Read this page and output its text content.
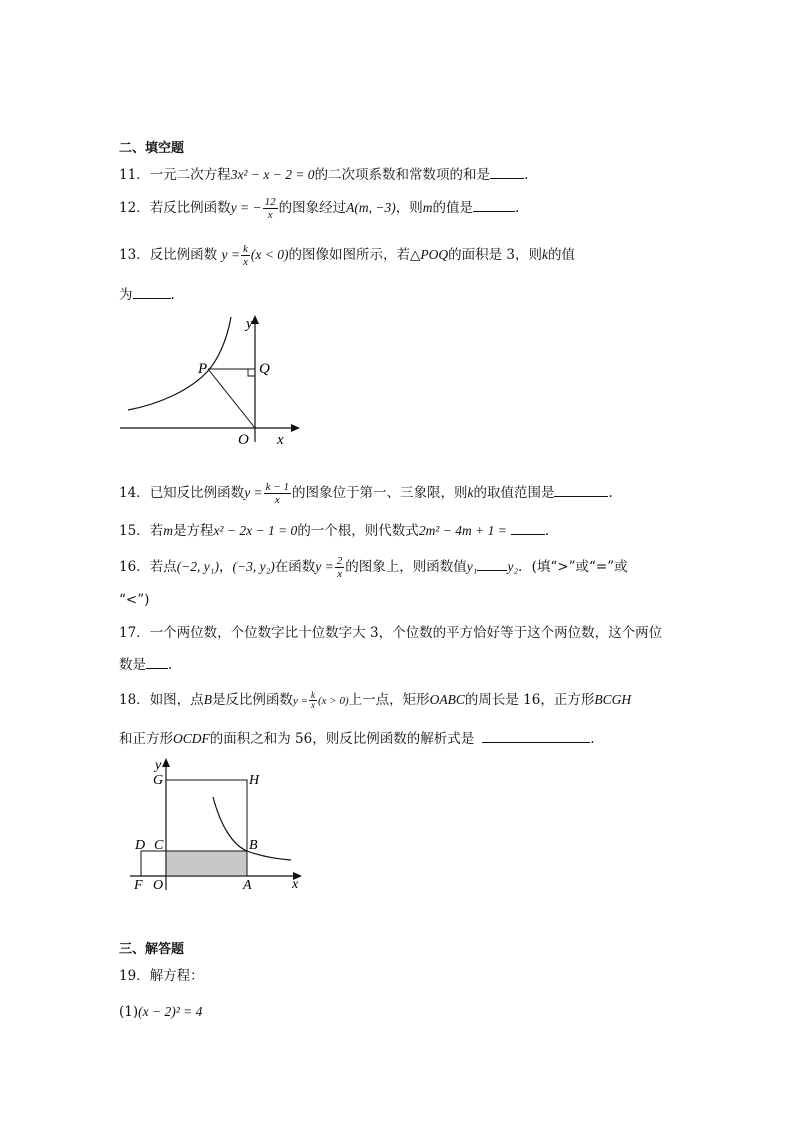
二、填空题
11．一元二次方程3x² − x − 2 = 0的二次项系数和常数项的和是	.
12．若反比例函数y = − $\frac{12}{x}$ 的图象经过A(m, −3)，则m的值是	.
13．反比例函数 $y = \frac{k}{x} (x < 0)$的图像如图所示，若△POQ的面积是 3，则k的值
为	.
y
x
P	Q
O
14．已知反比例函数$y = \frac{k - 1}{x}$ 的图象位于第一、三象限，则k的取值范围是	.
15．若m是方程x² − 2x − 1 = 0的一个根，则代数式2m² − 4m + 1 =	.
16．若点(−2, y₁)，(−3, y₂)在函数$y = \frac{2}{x}$ 的图象上，则函数值y₁ y₂．(填“>”或“=”或
“<”)
17．一个两位数，个位数字比十位数字大 3，个位数的平方恰好等于这个两位数，这个两位
数是 .
18．如图，点B是反比例函数$y = \frac{k}{x} (x > 0)$上一点，矩形OABC的周长是 16，正方形BCGH
和正方形OCDF的面积之和为 56，则反比例函数的解析式是	.
G	H
D C	B
F O	A
y
x
三、解答题
19．解方程：
(1)(x − 2)² = 4
